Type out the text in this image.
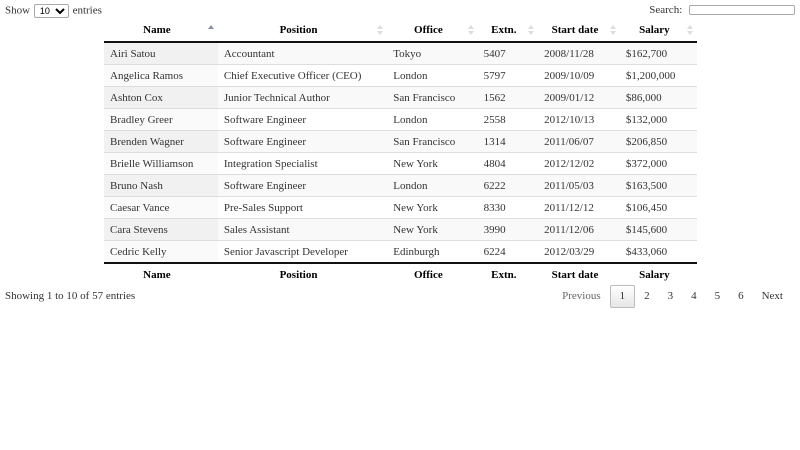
Show
10	entries	Search:
Name	Position	Office	Extn.	Start date	Salary

Airi Satou	Accountant	Tokyo	5407	2008/11/28	$162,700
Angelica Ramos	Chief Executive Officer (CEO)	London	5797	2009/10/09	$1,200,000
Ashton Cox	Junior Technical Author	San Francisco	1562	2009/01/12	$86,000
Bradley Greer	Software Engineer	London	2558	2012/10/13	$132,000
Brenden Wagner	Software Engineer	San Francisco	1314	2011/06/07	$206,850
Brielle Williamson	Integration Specialist	New York	4804	2012/12/02	$372,000
Bruno Nash	Software Engineer	London	6222	2011/05/03	$163,500
Caesar Vance	Pre-Sales Support	New York	8330	2011/12/12	$106,450
Cara Stevens	Sales Assistant	New York	3990	2011/12/06	$145,600
Cedric Kelly	Senior Javascript Developer	Edinburgh	6224	2012/03/29	$433,060
Name	Position	Office	Extn.	Start date	Salary
Showing 1 to 10 of 57 entries	Previous	1	2	3	4	5	6	Next
